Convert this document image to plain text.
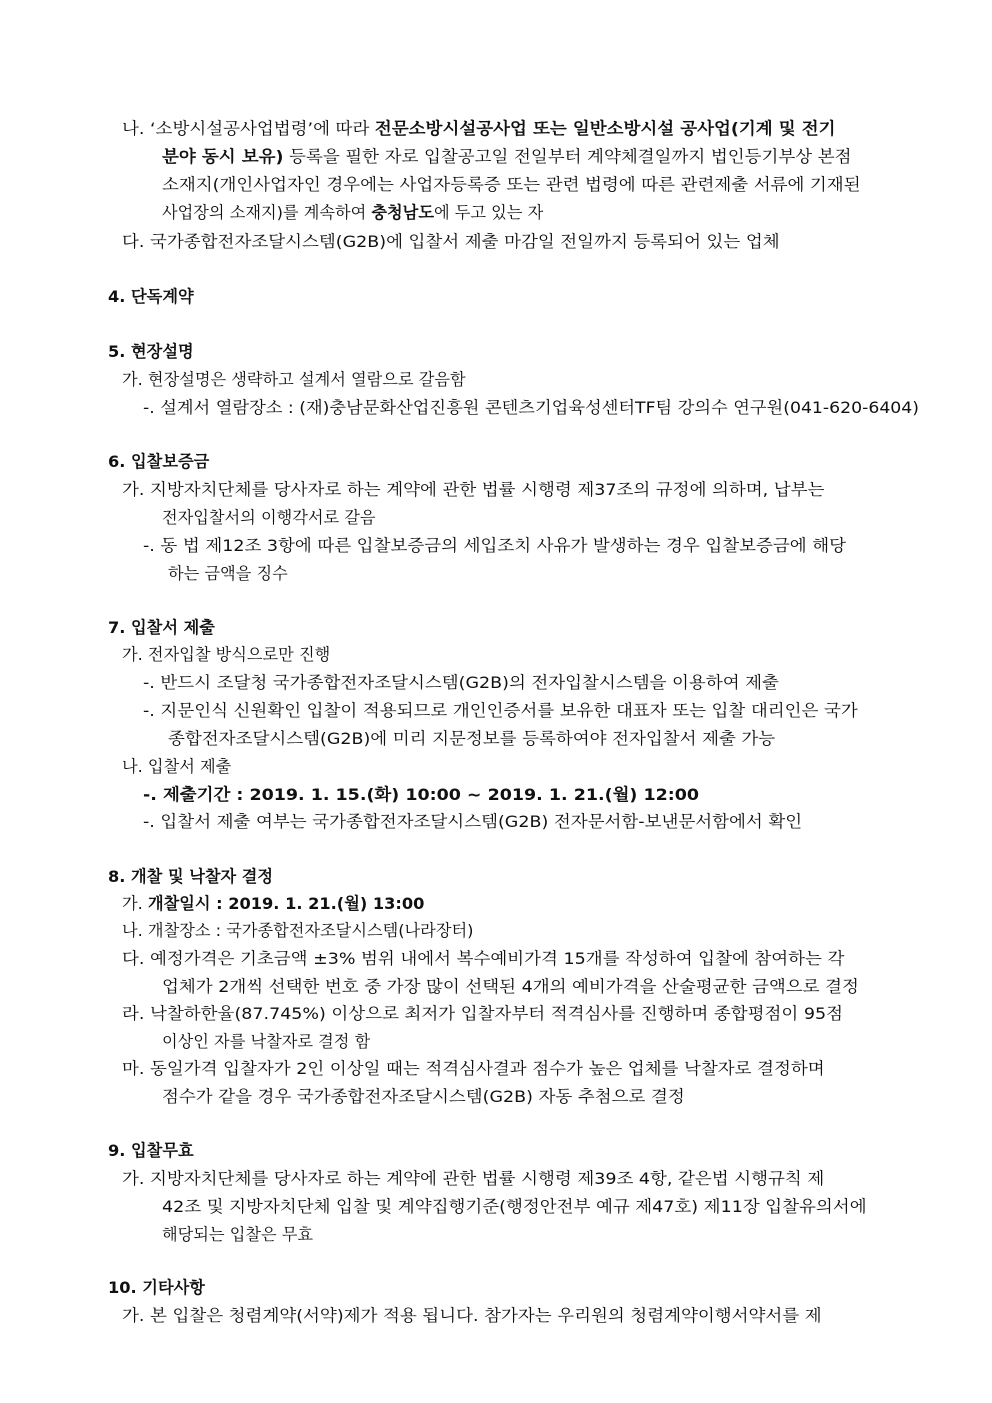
나. ‘소방시설공사업법령’에 따라 전문소방시설공사업 또는 일반소방시설 공사업(기계 및 전기
분야 동시 보유) 등록을 필한 자로 입찰공고일 전일부터 계약체결일까지 법인등기부상 본점
소재지(개인사업자인 경우에는 사업자등록증 또는 관련 법령에 따른 관련제출 서류에 기재된
사업장의 소재지)를 계속하여 충청남도에 두고 있는 자
다. 국가종합전자조달시스템(G2B)에 입찰서 제출 마감일 전일까지 등록되어 있는 업체
4. 단독계약
5. 현장설명
가. 현장설명은 생략하고 설계서 열람으로 갈음함
-. 설계서 열람장소 : (재)충남문화산업진흥원 콘텐츠기업육성센터TF팀 강의수 연구원(041-620-6404)
6. 입찰보증금
가. 지방자치단체를 당사자로 하는 계약에 관한 법률 시행령 제37조의 규정에 의하며, 납부는
전자입찰서의 이행각서로 갈음
-. 동 법 제12조 3항에 따른 입찰보증금의 세입조치 사유가 발생하는 경우 입찰보증금에 해당
하는 금액을 징수
7. 입찰서 제출
가. 전자입찰 방식으로만 진행
-. 반드시 조달청 국가종합전자조달시스템(G2B)의 전자입찰시스템을 이용하여 제출
-. 지문인식 신원확인 입찰이 적용되므로 개인인증서를 보유한 대표자 또는 입찰 대리인은 국가
종합전자조달시스템(G2B)에 미리 지문정보를 등록하여야 전자입찰서 제출 가능
나. 입찰서 제출
-. 제출기간 : 2019. 1. 15.(화) 10:00 ~ 2019. 1. 21.(월) 12:00
-. 입찰서 제출 여부는 국가종합전자조달시스템(G2B) 전자문서함-보낸문서함에서 확인
8. 개찰 및 낙찰자 결정
가. 개찰일시 : 2019. 1. 21.(월) 13:00
나. 개찰장소 : 국가종합전자조달시스템(나라장터)
다. 예정가격은 기초금액 ±3% 범위 내에서 복수예비가격 15개를 작성하여 입찰에 참여하는 각
업체가 2개씩 선택한 번호 중 가장 많이 선택된 4개의 예비가격을 산술평균한 금액으로 결정
라. 낙찰하한율(87.745%) 이상으로 최저가 입찰자부터 적격심사를 진행하며 종합평점이 95점
이상인 자를 낙찰자로 결정 함
마. 동일가격 입찰자가 2인 이상일 때는 적격심사결과 점수가 높은 업체를 낙찰자로 결정하며
점수가 같을 경우 국가종합전자조달시스템(G2B) 자동 추첨으로 결정
9. 입찰무효
가. 지방자치단체를 당사자로 하는 계약에 관한 법률 시행령 제39조 4항, 같은법 시행규칙 제
42조 및 지방자치단체 입찰 및 계약집행기준(행정안전부 예규 제47호) 제11장 입찰유의서에
해당되는 입찰은 무효
10. 기타사항
가. 본 입찰은 청렴계약(서약)제가 적용 됩니다. 참가자는 우리원의 청렴계약이행서약서를 제
